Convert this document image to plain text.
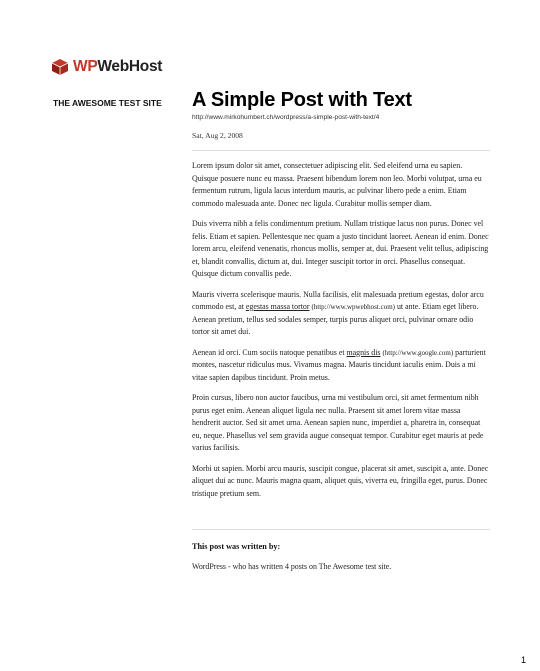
WPWebHost
THE AWESOME TEST SITE A Simple Post with Text
http://www.mirkohumbert.ch/wordpress/a-simple-post-with-text/4
Sat, Aug 2, 2008

Lorem ipsum dolor sit amet, consectetuer adipiscing elit. Sed eleifend urna eu sapien. Quisque posuere nunc eu massa. Praesent bibendum lorem non leo. Morbi volutpat, urna eu fermentum rutrum, ligula lacus interdum mauris, ac pulvinar libero pede a enim. Etiam commodo malesuada ante. Donec nec ligula. Curabitur mollis semper diam.

Duis viverra nibh a felis condimentum pretium. Nullam tristique lacus non purus. Donec vel felis. Etiam et sapien. Pellentesque nec quam a justo tincidunt laoreet. Aenean id enim. Donec lorem arcu, eleifend venenatis, rhoncus mollis, semper at, dui. Praesent velit tellus, adipiscing et, blandit convallis, dictum at, dui. Integer suscipit tortor in orci. Phasellus consequat. Quisque dictum convallis pede.

Mauris viverra scelerisque mauris. Nulla facilisis, elit malesuada pretium egestas, dolor arcu commodo est, at egestas massa tortor (http://www.wpwebhost.com) ut ante. Etiam eget libero. Aenean pretium, tellus sed sodales semper, turpis purus aliquet orci, pulvinar ornare odio tortor sit amet dui.

Aenean id orci. Cum sociis natoque penatibus et magnis dis (http://www.google.com) parturient montes, nascetur ridiculus mus. Vivamus magna. Mauris tincidunt iaculis enim. Duis a mi vitae sapien dapibus tincidunt. Proin metus.

Proin cursus, libero non auctor faucibus, urna mi vestibulum orci, sit amet fermentum nibh purus eget enim. Aenean aliquet ligula nec nulla. Praesent sit amet lorem vitae massa hendrerit auctor. Sed sit amet urna. Aenean sapien nunc, imperdiet a, pharetra in, consequat eu, neque. Phasellus vel sem gravida augue consequat tempor. Curabitur eget mauris at pede varius facilisis.

Morbi ut sapien. Morbi arcu mauris, suscipit congue, placerat sit amet, suscipit a, ante. Donec aliquet dui ac nunc. Mauris magna quam, aliquet quis, viverra eu, fringilla eget, purus. Donec tristique pretium sem.

This post was written by:
WordPress - who has written 4 posts on The Awesome test site.
1
